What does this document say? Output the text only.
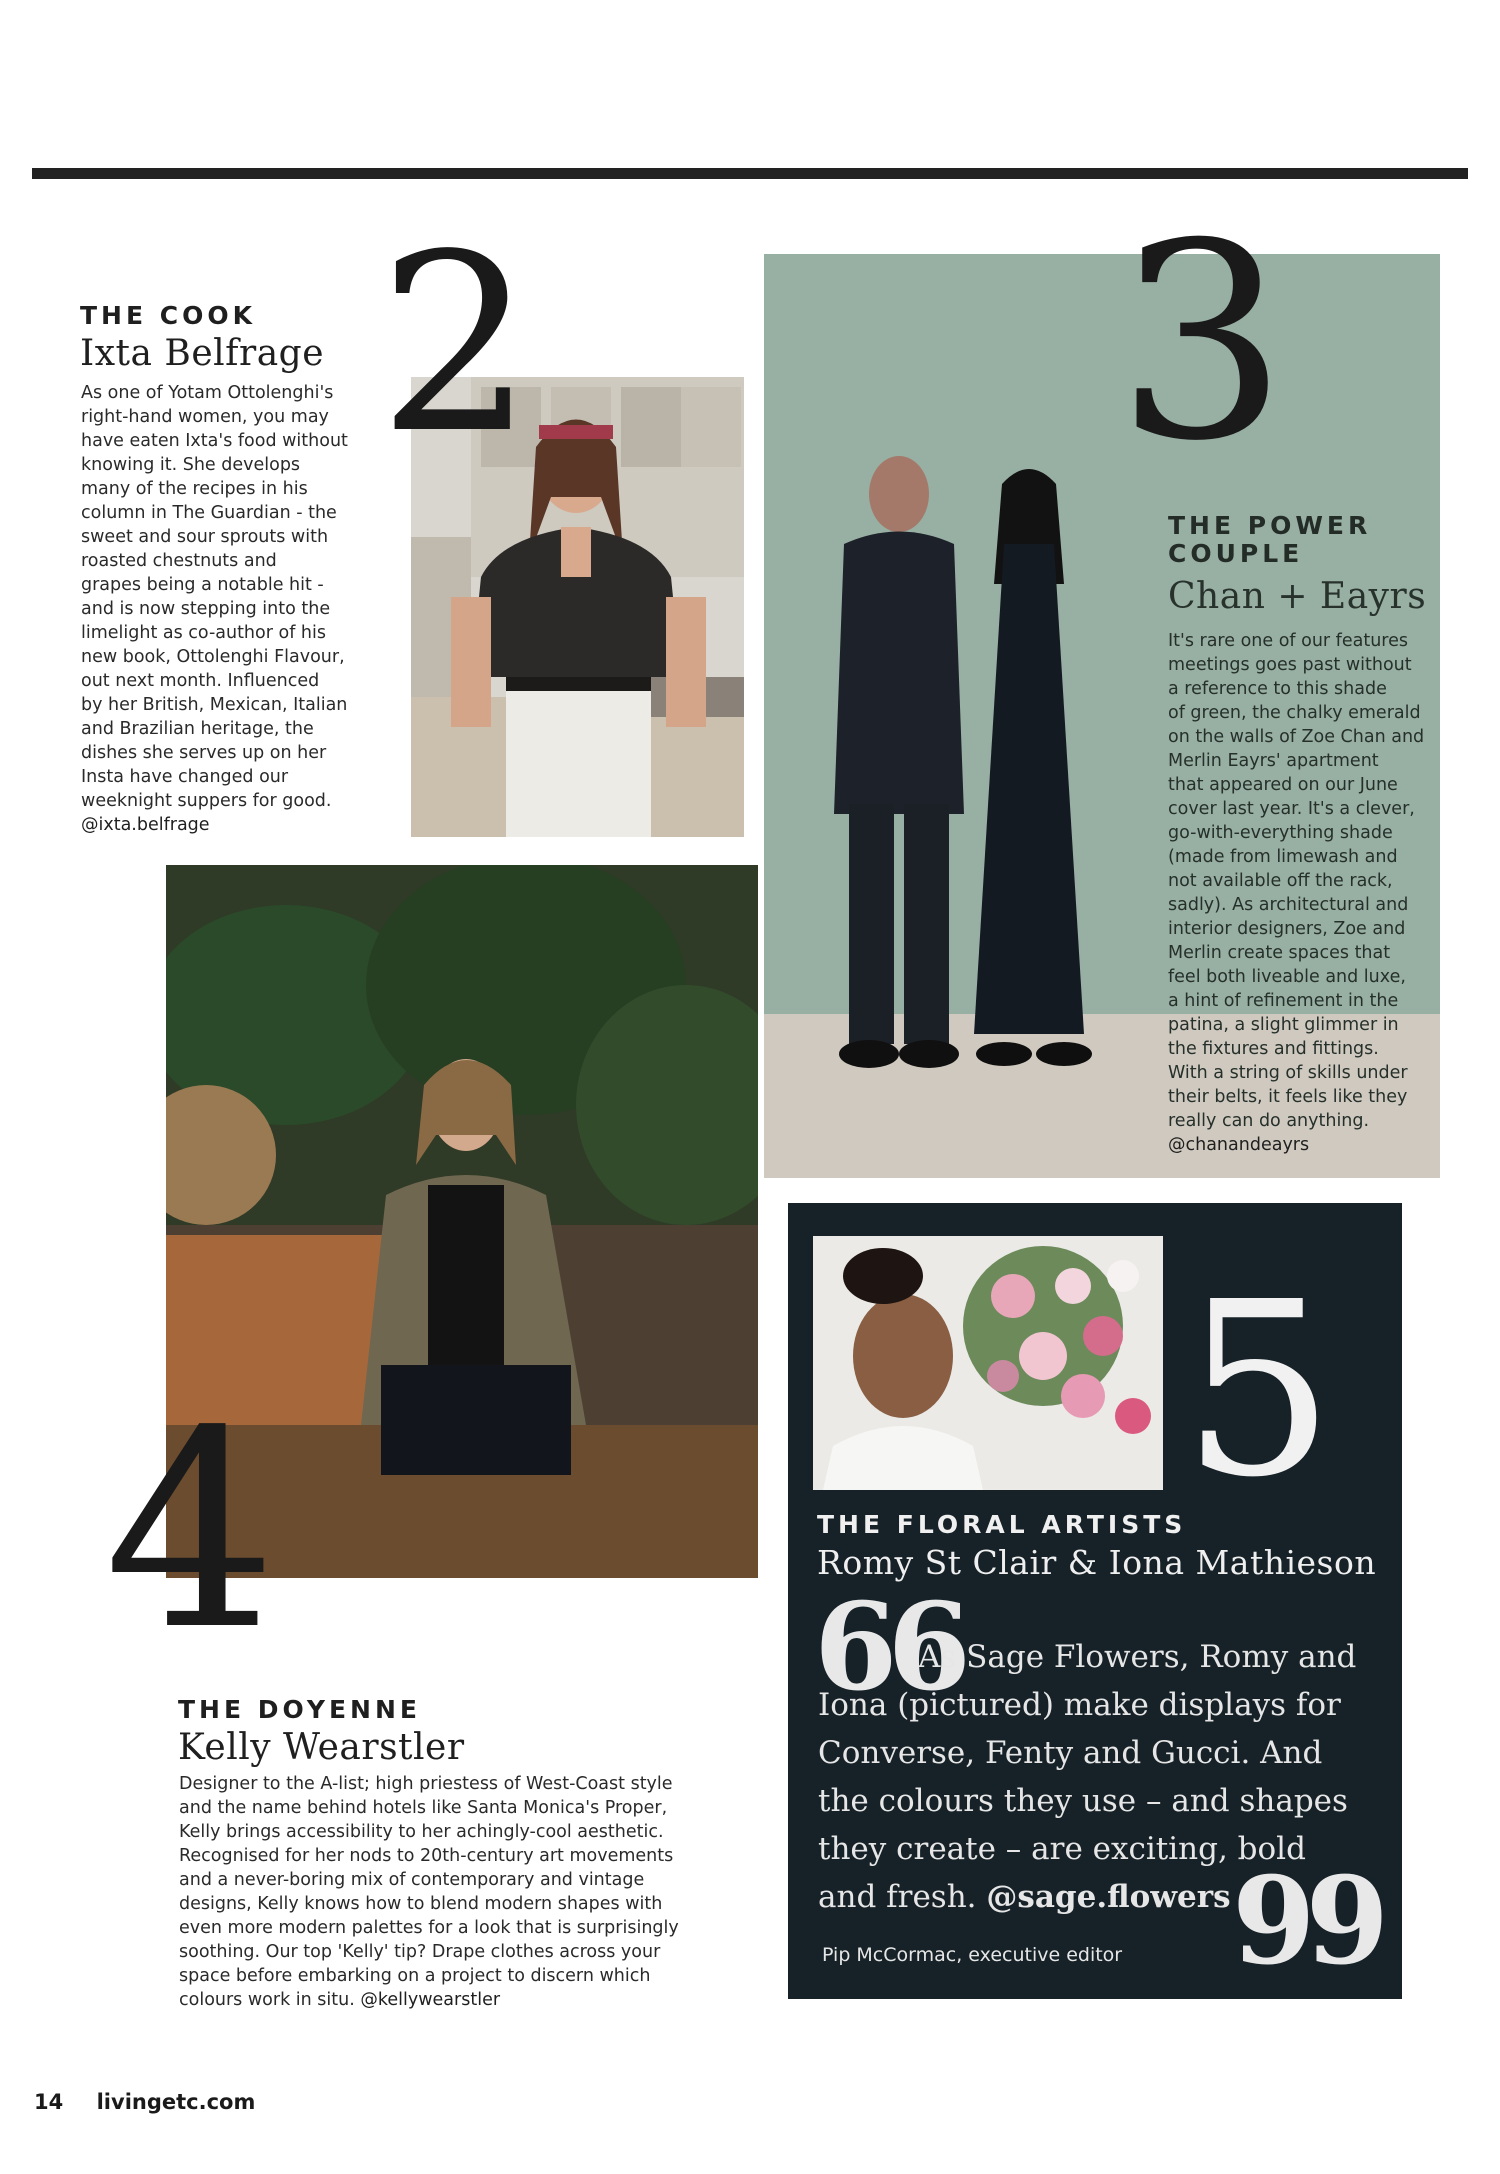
2
THE COOK
Ixta Belfrage
As one of Yotam Ottolenghi's
right-hand women, you may
have eaten Ixta's food without
knowing it. She develops
many of the recipes in his
column in The Guardian - the
sweet and sour sprouts with
roasted chestnuts and
grapes being a notable hit -
and is now stepping into the
limelight as co-author of his
new book, Ottolenghi Flavour,
out next month. Influenced
by her British, Mexican, Italian
and Brazilian heritage, the
dishes she serves up on her
Insta have changed our
weeknight suppers for good.
@ixta.belfrage
3
THE POWER
COUPLE
Chan + Eayrs
It's rare one of our features
meetings goes past without
a reference to this shade
of green, the chalky emerald
on the walls of Zoe Chan and
Merlin Eayrs' apartment
that appeared on our June
cover last year. It's a clever,
go-with-everything shade
(made from limewash and
not available off the rack,
sadly). As architectural and
interior designers, Zoe and
Merlin create spaces that
feel both liveable and luxe,
a hint of refinement in the
patina, a slight glimmer in
the fixtures and fittings.
With a string of skills under
their belts, it feels like they
really can do anything.
@chanandeayrs
4
THE DOYENNE
Kelly Wearstler
Designer to the A-list; high priestess of West-Coast style
and the name behind hotels like Santa Monica's Proper,
Kelly brings accessibility to her achingly-cool aesthetic.
Recognised for her nods to 20th-century art movements
and a never-boring mix of contemporary and vintage
designs, Kelly knows how to blend modern shapes with
even more modern palettes for a look that is surprisingly
soothing. Our top 'Kelly' tip? Drape clothes across your
space before embarking on a project to discern which
colours work in situ. @kellywearstler
5
THE FLORAL ARTISTS
Romy St Clair & Iona Mathieson
66
As Sage Flowers, Romy and
Iona (pictured) make displays for
Converse, Fenty and Gucci. And
the colours they use – and shapes
they create – are exciting, bold
and fresh. @sage.flowers 99
Pip McCormac, executive editor
14 livingetc.com
